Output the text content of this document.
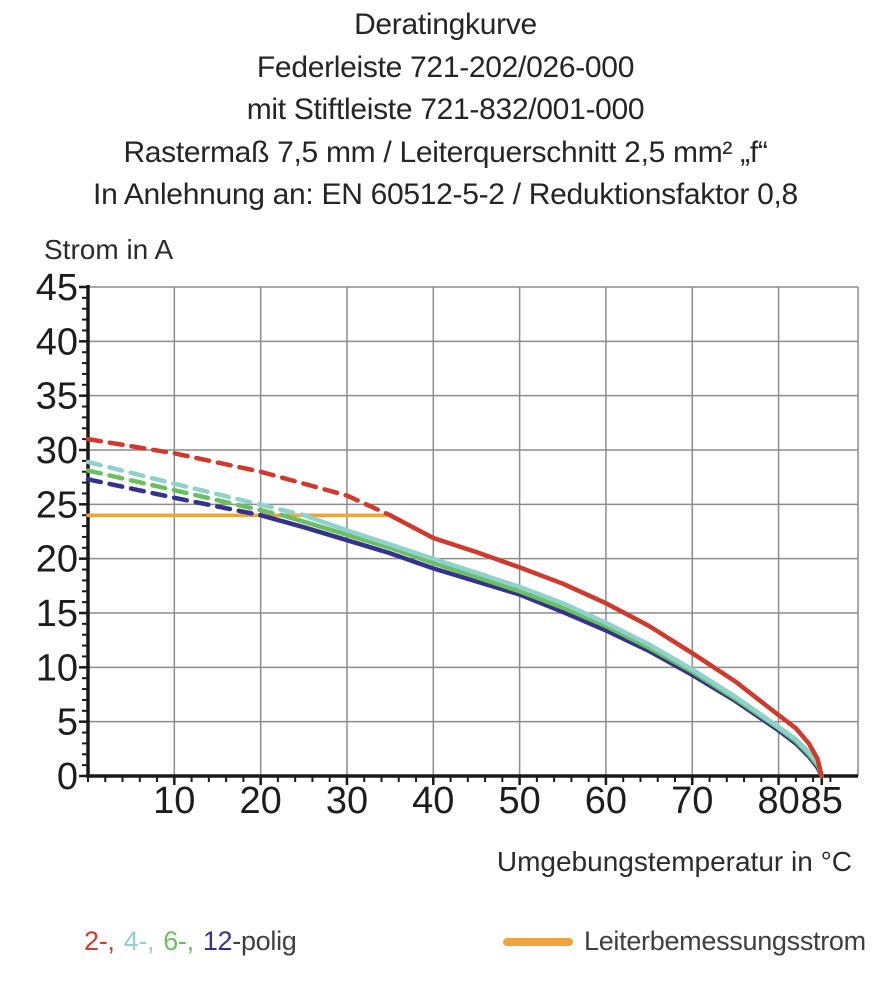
Deratingkurve
Federleiste 721-202/026-000
mit Stiftleiste 721-832/001-000
Rastermaß 7,5 mm / Leiterquerschnitt 2,5 mm² „f“
In Anlehnung an: EN 60512-5-2 / Reduktionsfaktor 0,8
Strom in A
10 20 30 40 50 60 70 80 85
0
5
10
15
20
25
30
35
40
45
Umgebungstemperatur in °C
2-, 4-, 6-, 12-polig	Leiterbemessungsstrom
